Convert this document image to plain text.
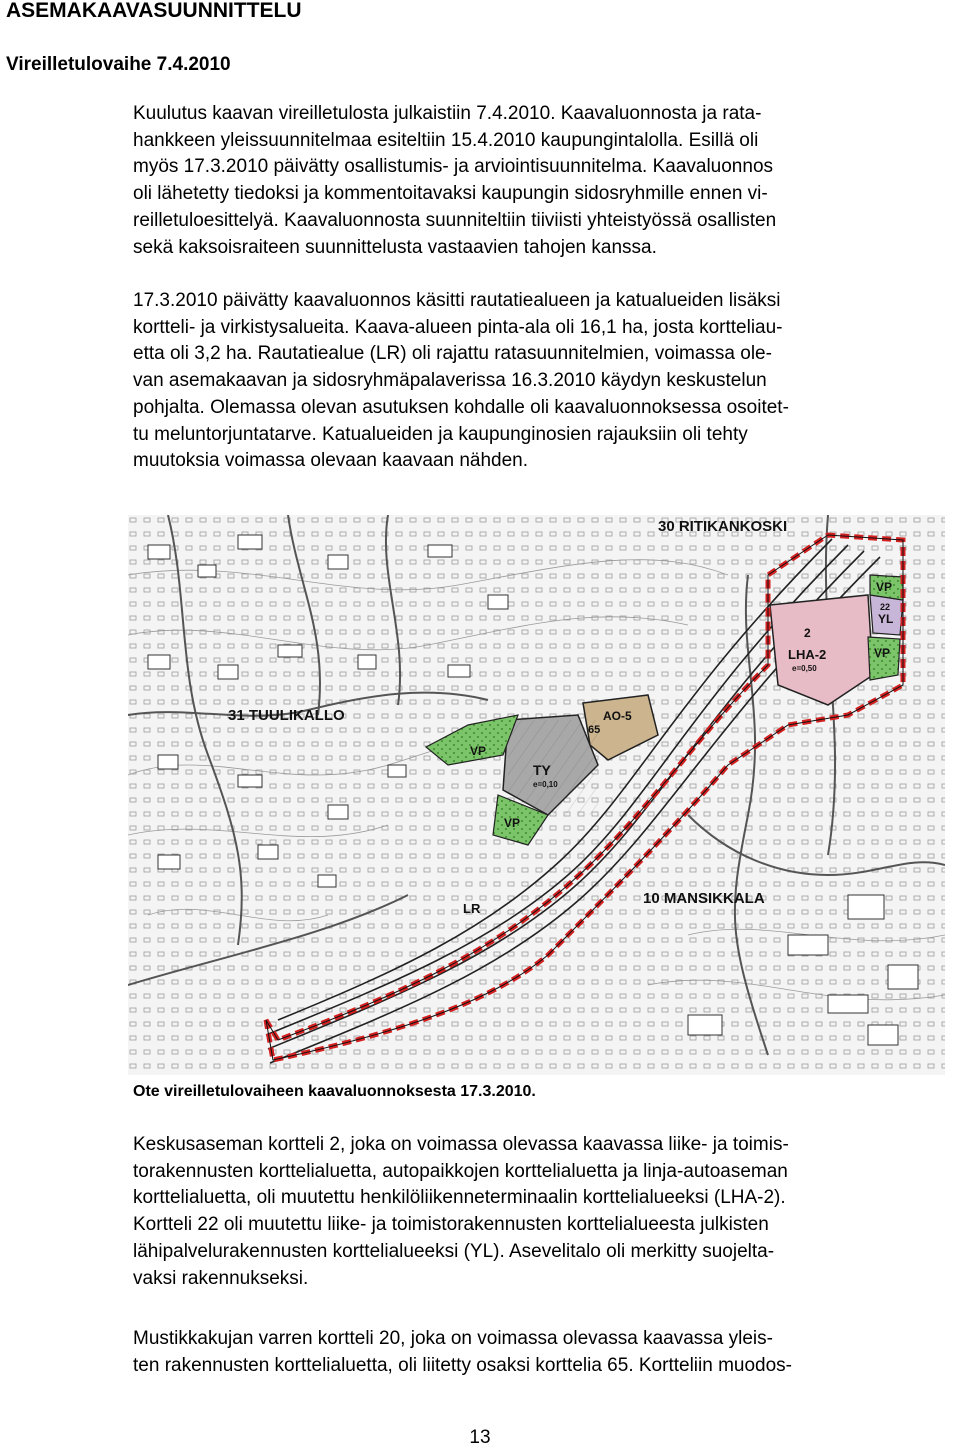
ASEMAKAAVASUUNNITTELU
Vireilletulovaihe 7.4.2010
Kuulutus kaavan vireilletulosta julkaistiin 7.4.2010. Kaavaluonnosta ja rata-
hankkeen yleissuunnitelmaa esiteltiin 15.4.2010 kaupungintalolla. Esillä oli
myös 17.3.2010 päivätty osallistumis- ja arviointisuunnitelma. Kaavaluonnos
oli lähetetty tiedoksi ja kommentoitavaksi kaupungin sidosryhmille ennen vi-
reilletuloesittelyä. Kaavaluonnosta suunniteltiin tiiviisti yhteistyössä osallisten
sekä kaksoisraiteen suunnittelusta vastaavien tahojen kanssa.
17.3.2010 päivätty kaavaluonnos käsitti rautatiealueen ja katualueiden lisäksi
kortteli- ja virkistysalueita. Kaava-alueen pinta-ala oli 16,1 ha, josta kortteliau-
etta oli 3,2 ha. Rautatiealue (LR) oli rajattu ratasuunnitelmien, voimassa ole-
van asemakaavan ja sidosryhmäpalaverissa 16.3.2010 käydyn keskustelun
pohjalta. Olemassa olevan asutuksen kohdalle oli kaavaluonnoksessa osoitet-
tu meluntorjuntatarve. Katualueiden ja kaupunginosien rajauksiin oli tehty
muutoksia voimassa olevaan kaavaan nähden.
30 RITIKANKOSKI
31 TUULIKALLO
10 MANSIKKALA
LR
TY
e=0,10
AO-5
65
VP
VP
VP
VP
YL
22
2
LHA-2
e=0,50
Ote vireilletulovaiheen kaavaluonnoksesta 17.3.2010.
Keskusaseman kortteli 2, joka on voimassa olevassa kaavassa liike- ja toimis-
torakennusten korttelialuetta, autopaikkojen korttelialuetta ja linja-autoaseman
korttelialuetta, oli muutettu henkilöliikenneterminaalin korttelialueeksi (LHA-2).
Kortteli 22 oli muutettu liike- ja toimistorakennusten korttelialueesta julkisten
lähipalvelurakennusten korttelialueeksi (YL). Asevelitalo oli merkitty suojelta-
vaksi rakennukseksi.
Mustikkakujan varren kortteli 20, joka on voimassa olevassa kaavassa yleis-
ten rakennusten korttelialuetta, oli liitetty osaksi korttelia 65. Kortteliin muodos-
13
